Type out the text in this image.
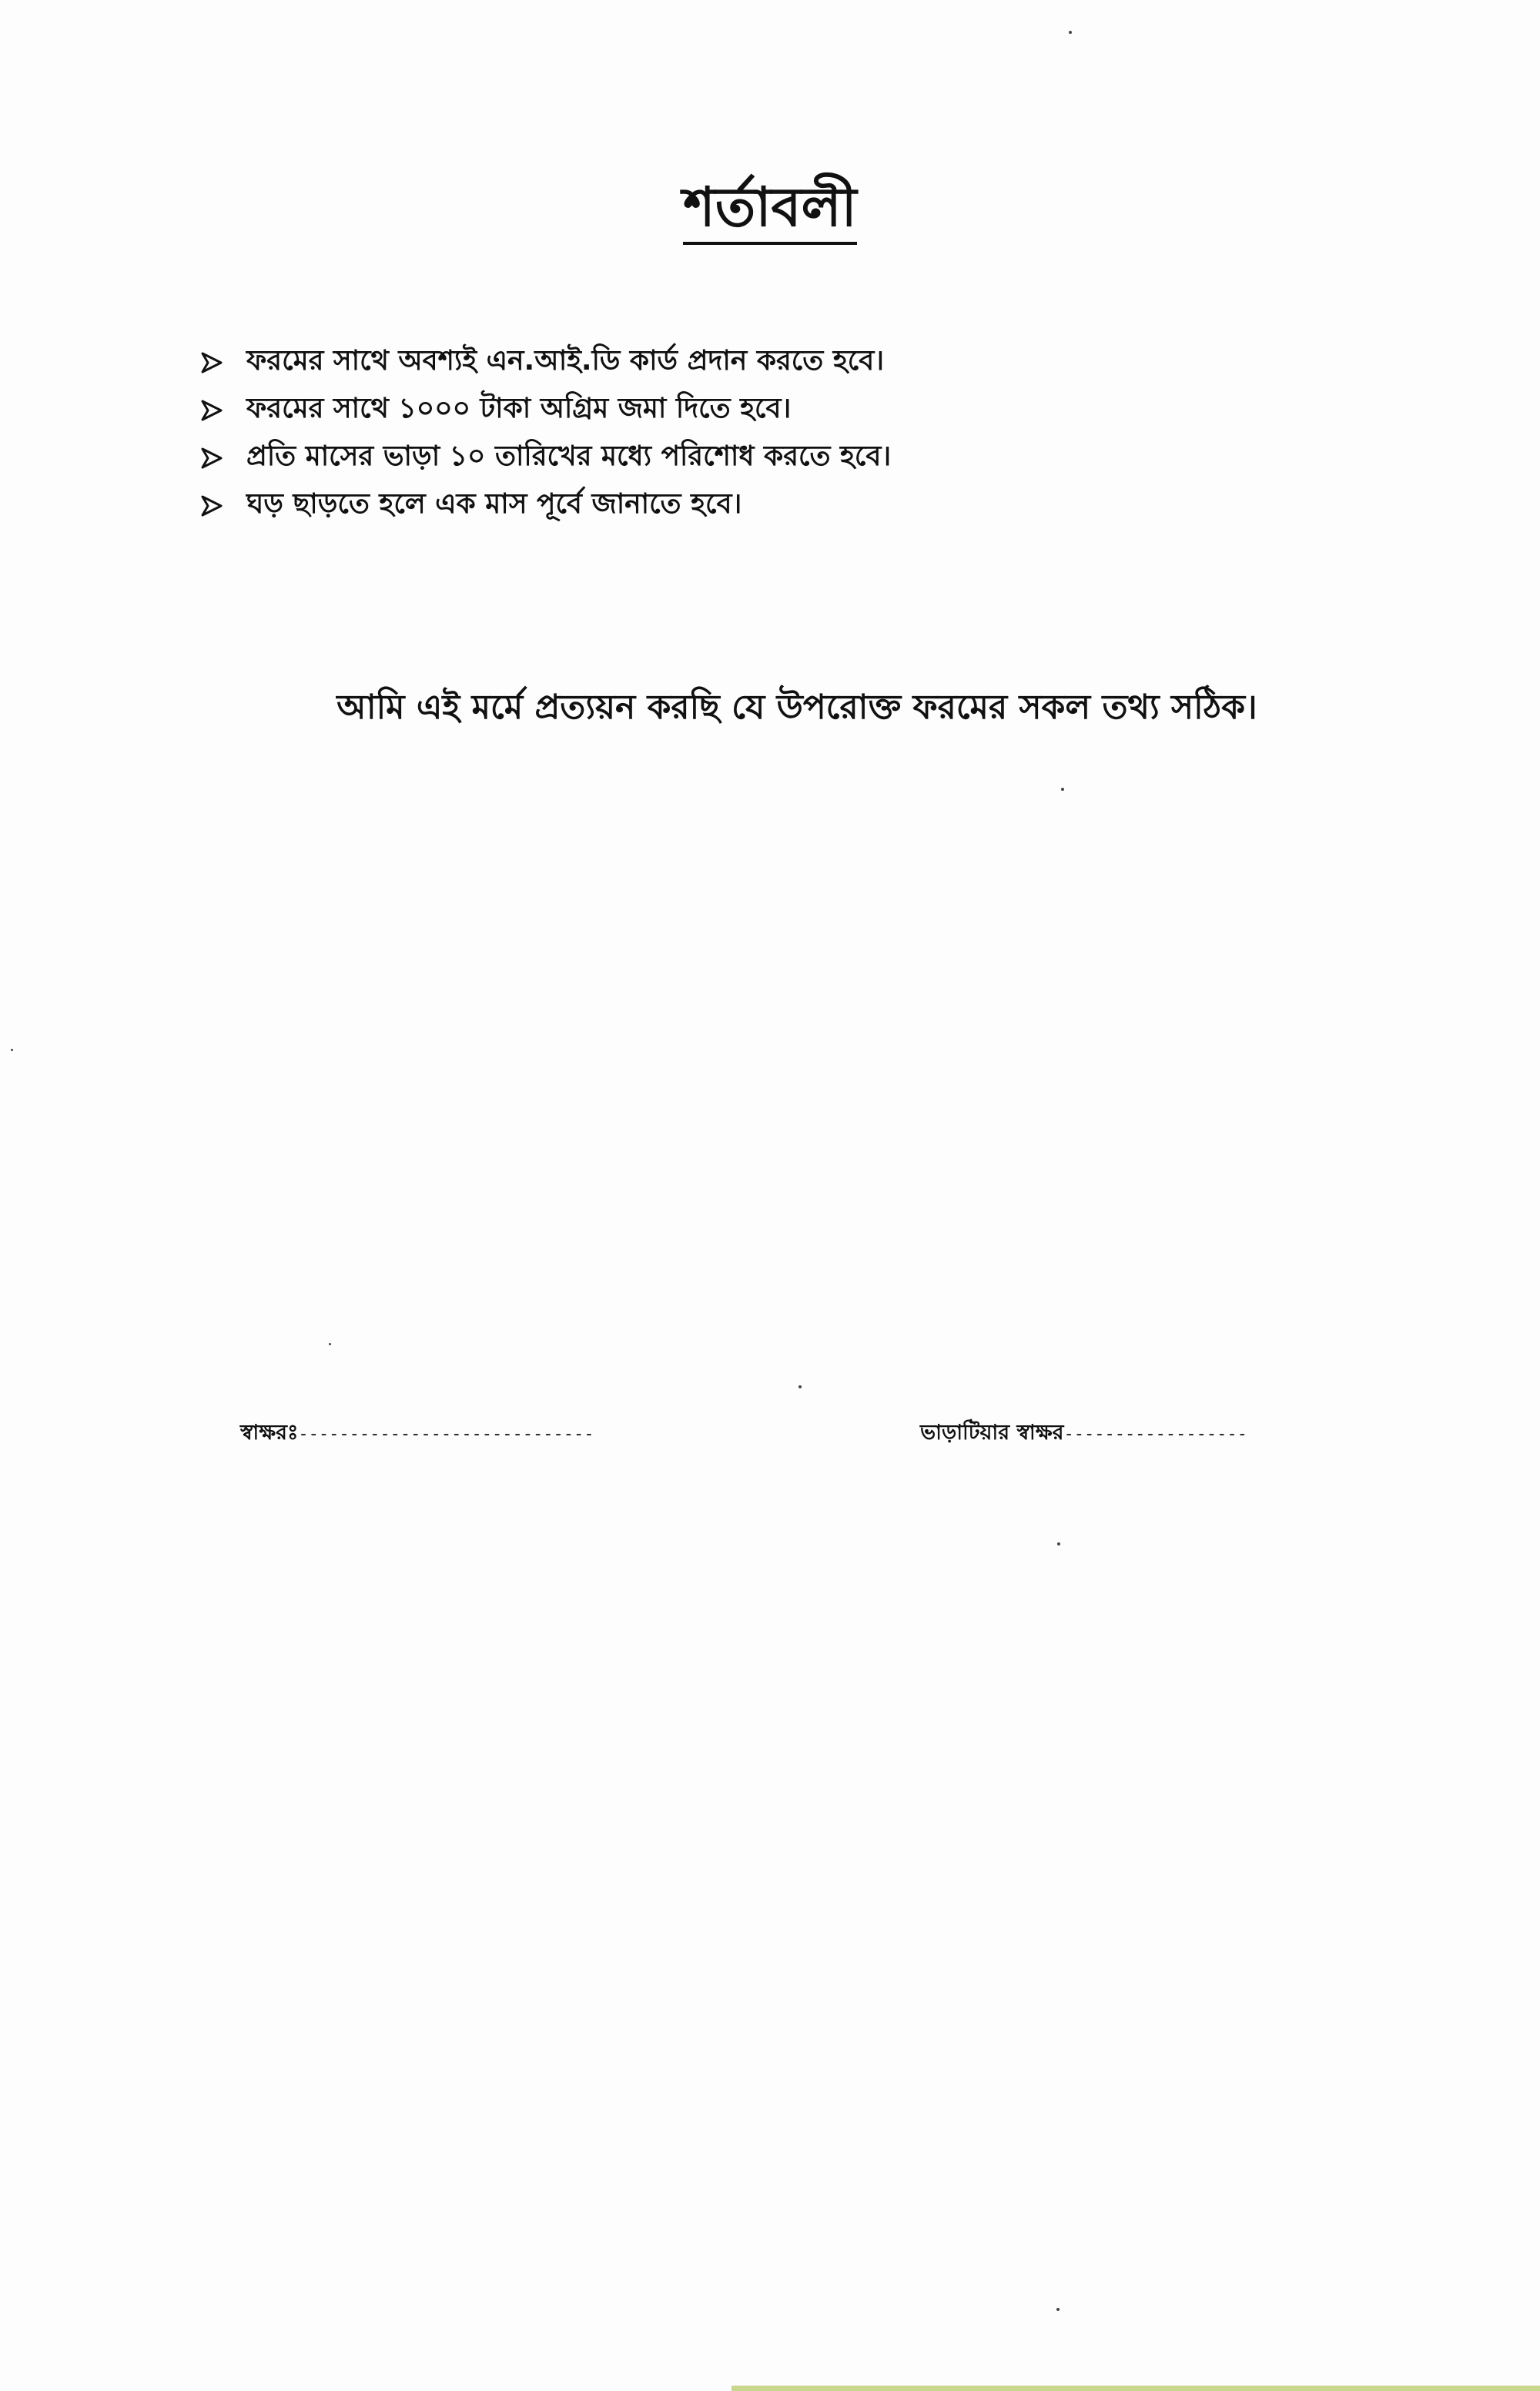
শর্তাবলী
ফরমের সাথে অবশ্যই এন.আই.ডি কার্ড প্রদান করতে হবে।
ফরমের সাথে ১০০০ টাকা অগ্রিম জমা দিতে হবে।
প্রতি মাসের ভাড়া ১০ তারিখের মধ্যে পরিশোধ করতে হবে।
ঘড় ছাড়তে হলে এক মাস পূর্বে জানাতে হবে।
আমি এই মর্মে প্রত্যয়ন করছি যে উপরোক্ত ফরমের সকল তথ্য সঠিক।
স্বাক্ষরঃ-----------------------------	ভাড়াটিয়ার স্বাক্ষর------------------
